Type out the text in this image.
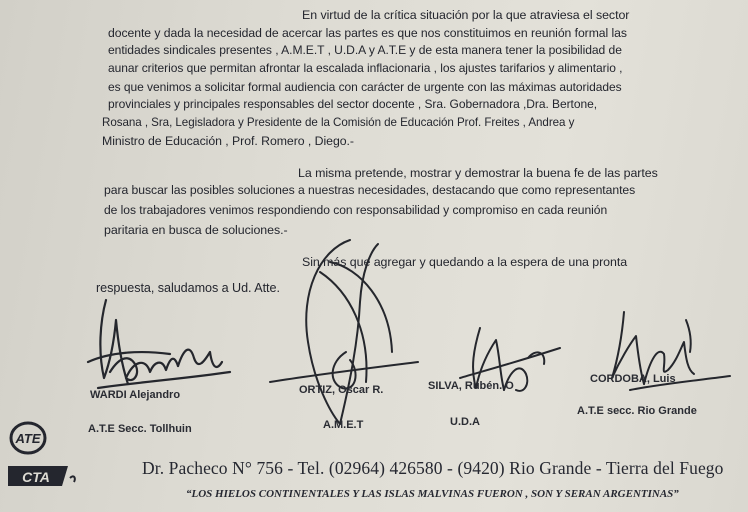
En virtud de la crítica situación por la que atraviesa el sector
docente y dada la necesidad de acercar las partes es que nos constituimos en reunión formal las
entidades sindicales presentes , A.M.E.T , U.D.A y A.T.E y de esta manera tener la posibilidad de
aunar criterios que permitan afrontar la escalada inflacionaria , los ajustes tarifarios y alimentario ,
es que venimos a solicitar formal audiencia con carácter de urgente con las máximas autoridades
provinciales y principales responsables del sector docente , Sra. Gobernadora ,Dra. Bertone,
Rosana , Sra, Legisladora y Presidente de la Comisión de Educación Prof. Freites , Andrea y
Ministro de Educación , Prof. Romero , Diego.-
La misma pretende, mostrar y demostrar la buena fe de las partes
para buscar las posibles soluciones a nuestras necesidades, destacando que como representantes
de los trabajadores venimos respondiendo con responsabilidad y compromiso en cada reunión
paritaria en busca de soluciones.-
Sin más que agregar y quedando a la espera de una pronta
respuesta, saludamos a Ud. Atte.
WARDI Alejandro
A.T.E Secc. Tollhuin
ORTIZ, Oscar R.
A.M.E.T
SILVA, Rubén. O
U.D.A
CORDOBA, Luis
A.T.E secc. Rio Grande
ATE
CTA	Dr. Pacheco N° 756 - Tel. (02964) 426580 - (9420) Rio Grande - Tierra del Fuego
“LOS HIELOS CONTINENTALES Y LAS ISLAS MALVINAS FUERON , SON Y SERAN ARGENTINAS”
